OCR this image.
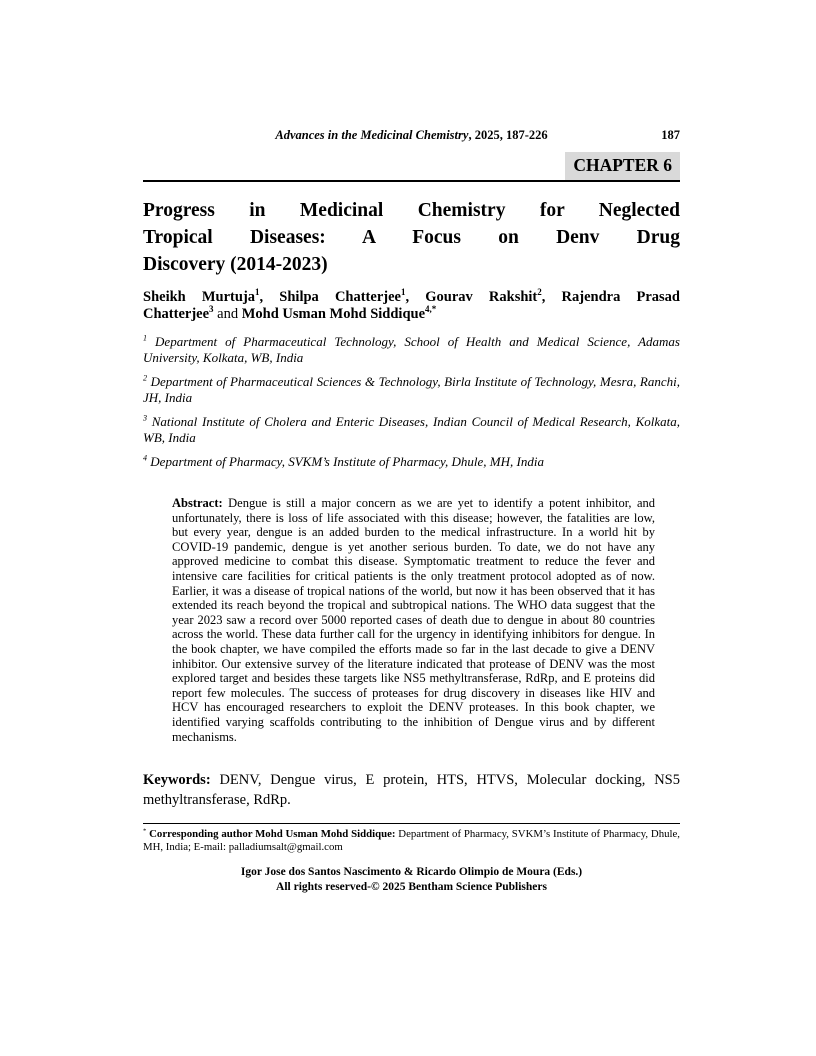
Advances in the Medicinal Chemistry, 2025, 187-226	187
CHAPTER 6
Progress in Medicinal Chemistry for Neglected
Tropical Diseases: A Focus on Denv Drug
Discovery (2014-2023)
Sheikh Murtuja$^1$, Shilpa Chatterjee$^1$, Gourav Rakshit$^2$, Rajendra Prasad
Chatterjee$^3$ and Mohd Usman Mohd Siddique$^{4,*}$

$^1$ Department of Pharmaceutical Technology, School of Health and Medical Science, Adamas University, Kolkata, WB, India

$^2$ Department of Pharmaceutical Sciences & Technology, Birla Institute of Technology, Mesra, Ranchi, JH, India

$^3$ National Institute of Cholera and Enteric Diseases, Indian Council of Medical Research, Kolkata, WB, India

$^4$ Department of Pharmacy, SVKM’s Institute of Pharmacy, Dhule, MH, India

Abstract: Dengue is still a major concern as we are yet to identify a potent inhibitor, and unfortunately, there is loss of life associated with this disease; however, the fatalities are low, but every year, dengue is an added burden to the medical infrastructure. In a world hit by COVID-19 pandemic, dengue is yet another serious burden. To date, we do not have any approved medicine to combat this disease. Symptomatic treatment to reduce the fever and intensive care facilities for critical patients is the only treatment protocol adopted as of now. Earlier, it was a disease of tropical nations of the world, but now it has been observed that it has extended its reach beyond the tropical and subtropical nations. The WHO data suggest that the year 2023 saw a record over 5000 reported cases of death due to dengue in about 80 countries across the world. These data further call for the urgency in identifying inhibitors for dengue. In the book chapter, we have compiled the efforts made so far in the last decade to give a DENV inhibitor. Our extensive survey of the literature indicated that protease of DENV was the most explored target and besides these targets like NS5 methyltransferase, RdRp, and E proteins did report few molecules. The success of proteases for drug discovery in diseases like HIV and HCV has encouraged researchers to exploit the DENV proteases. In this book chapter, we identified varying scaffolds contributing to the inhibition of Dengue virus and by different mechanisms.
Keywords: DENV, Dengue virus, E protein, HTS, HTVS, Molecular docking, NS5 methyltransferase, RdRp.
* Corresponding author Mohd Usman Mohd Siddique: Department of Pharmacy, SVKM’s Institute of Pharmacy, Dhule, MH, India; E-mail: palladiumsalt@gmail.com
Igor Jose dos Santos Nascimento & Ricardo Olimpio de Moura (Eds.)
All rights reserved-© 2025 Bentham Science Publishers
